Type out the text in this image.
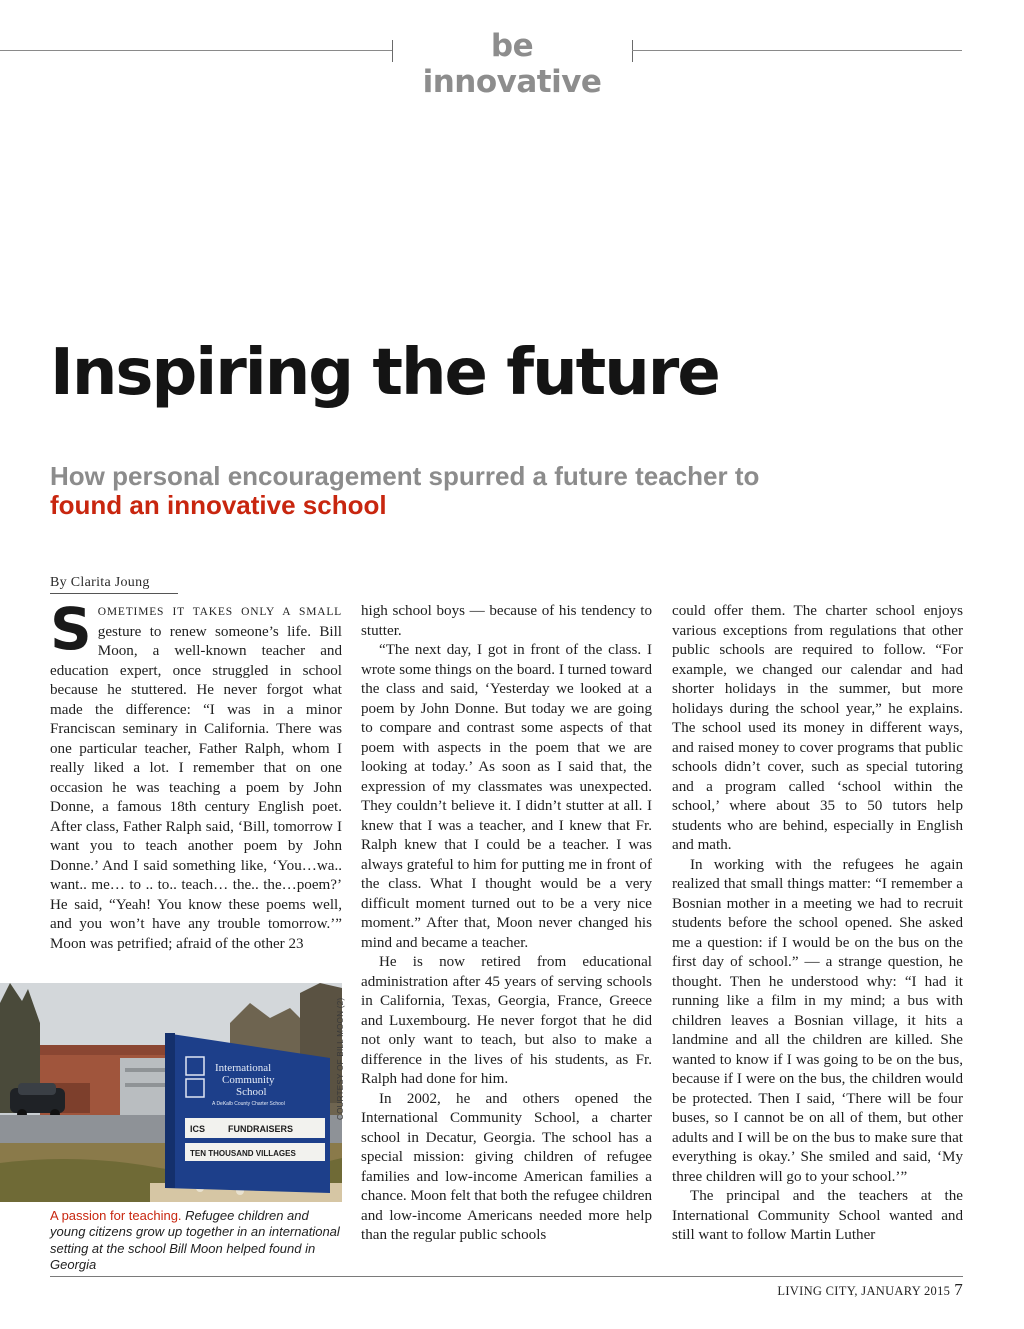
be innovative
Inspiring the future
How personal encouragement spurred a future teacher to found an innovative school
By Clarita Joung

S OMETIMES IT TAKES ONLY A SMALL gesture to renew someone’s life. Bill Moon, a well-known teacher and education expert, once struggled in school because he stuttered. He never forgot what made the difference: “I was in a minor Franciscan seminary in California. There was one particular teacher, Father Ralph, whom I really liked a lot. I remember that on one occasion he was teaching a poem by John Donne, a famous 18th century English poet. After class, Father Ralph said, ‘Bill, tomorrow I want you to teach another poem by John Donne.’ And I said something like, ‘You…wa.. want.. me… to .. to.. teach… the.. the…poem?’ He said, “Yeah! You know these poems well, and you won’t have any trouble tomorrow.’” Moon was petrified; afraid of the other 23

International
Community
School
A DeKalb County Charter School
ICS	FUNDRAISERS
TEN THOUSAND VILLAGES
COURTESY OF BILL MOON (2)
A passion for teaching. Refugee children and young citizens grow up together in an international setting at the school Bill Moon helped found in Georgia

high school boys — because of his tendency to stutter.

“The next day, I got in front of the class. I wrote some things on the board. I turned toward the class and said, ‘Yesterday we looked at a poem by John Donne. But today we are going to compare and contrast some aspects of that poem with aspects in the poem that we are looking at today.’ As soon as I said that, the expression of my classmates was unexpected. They couldn’t believe it. I didn’t stutter at all. I knew that I was a teacher, and I knew that Fr. Ralph knew that I could be a teacher. I was always grateful to him for putting me in front of the class. What I thought would be a very difficult moment turned out to be a very nice moment.” After that, Moon never changed his mind and became a teacher.

He is now retired from educational administration after 45 years of serving schools in California, Texas, Georgia, France, Greece and Luxembourg. He never forgot that he did not only want to teach, but also to make a difference in the lives of his students, as Fr. Ralph had done for him.

In 2002, he and others opened the International Community School, a charter school in Decatur, Georgia. The school has a special mission: giving children of refugee families and low-income American families a chance. Moon felt that both the refugee children and low-income Americans needed more help than the regular public schools

could offer them. The charter school enjoys various exceptions from regulations that other public schools are required to follow. “For example, we changed our calendar and had shorter holidays in the summer, but more holidays during the school year,” he explains. The school used its money in different ways, and raised money to cover programs that public schools didn’t cover, such as special tutoring and a program called ‘school within the school,’ where about 35 to 50 tutors help students who are behind, especially in English and math.

In working with the refugees he again realized that small things matter: “I remember a Bosnian mother in a meeting we had to recruit students before the school opened. She asked me a question: if I would be on the bus on the first day of school.” — a strange question, he thought. Then he understood why: “I had it running like a film in my mind; a bus with children leaves a Bosnian village, it hits a landmine and all the children are killed. She wanted to know if I was going to be on the bus, because if I were on the bus, the children would be protected. Then I said, ‘There will be four buses, so I cannot be on all of them, but other adults and I will be on the bus to make sure that everything is okay.’ She smiled and said, ‘My three children will go to your school.’”

The principal and the teachers at the International Community School wanted and still want to follow Martin Luther

LIVING CITY, JANUARY 2015 7
